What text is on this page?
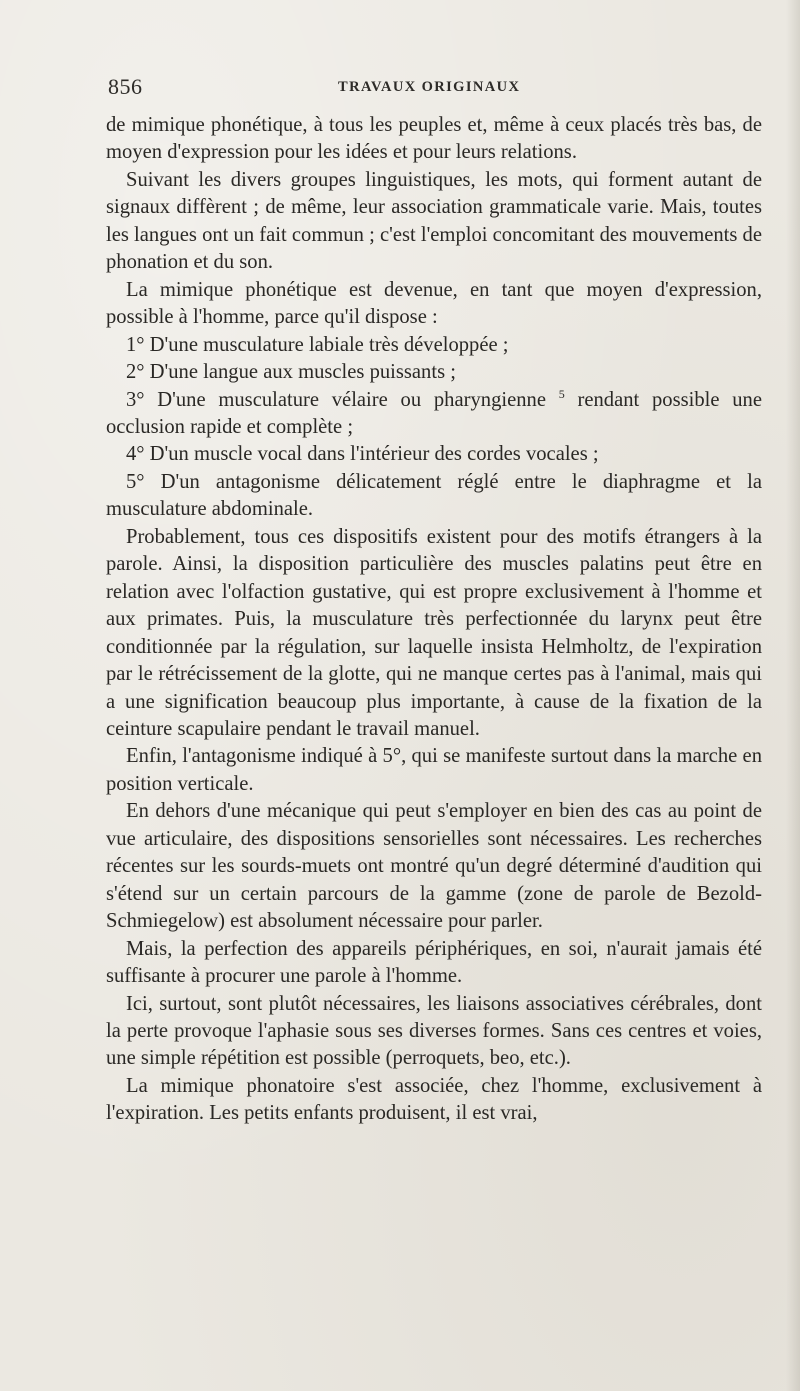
856	TRAVAUX ORIGINAUX

de mimique phonétique, à tous les peuples et, même à ceux placés très bas, de moyen d'expression pour les idées et pour leurs relations.

Suivant les divers groupes linguistiques, les mots, qui forment autant de signaux diffèrent ; de même, leur association grammaticale varie. Mais, toutes les langues ont un fait commun ; c'est l'emploi concomitant des mouvements de phonation et du son.

La mimique phonétique est devenue, en tant que moyen d'expression, possible à l'homme, parce qu'il dispose :

1° D'une musculature labiale très développée ;

2° D'une langue aux muscles puissants ;

3° D'une musculature vélaire ou pharyngienne $^5$ rendant possible une occlusion rapide et complète ;

4° D'un muscle vocal dans l'intérieur des cordes vocales ;

5° D'un antagonisme délicatement réglé entre le diaphragme et la musculature abdominale.

Probablement, tous ces dispositifs existent pour des motifs étrangers à la parole. Ainsi, la disposition particulière des muscles palatins peut être en relation avec l'olfaction gustative, qui est propre exclusivement à l'homme et aux primates. Puis, la musculature très perfectionnée du larynx peut être conditionnée par la régulation, sur laquelle insista Helmholtz, de l'expiration par le rétrécissement de la glotte, qui ne manque certes pas à l'animal, mais qui a une signification beaucoup plus importante, à cause de la fixation de la ceinture scapulaire pendant le travail manuel.

Enfin, l'antagonisme indiqué à 5°, qui se manifeste surtout dans la marche en position verticale.

En dehors d'une mécanique qui peut s'employer en bien des cas au point de vue articulaire, des dispositions sensorielles sont nécessaires. Les recherches récentes sur les sourds-muets ont montré qu'un degré déterminé d'audition qui s'étend sur un certain parcours de la gamme (zone de parole de Bezold-Schmiegelow) est absolument nécessaire pour parler.

Mais, la perfection des appareils périphériques, en soi, n'aurait jamais été suffisante à procurer une parole à l'homme.

Ici, surtout, sont plutôt nécessaires, les liaisons associatives cérébrales, dont la perte provoque l'aphasie sous ses diverses formes. Sans ces centres et voies, une simple répétition est possible (perroquets, beo, etc.).

La mimique phonatoire s'est associée, chez l'homme, exclusivement à l'expiration. Les petits enfants produisent, il est vrai,
